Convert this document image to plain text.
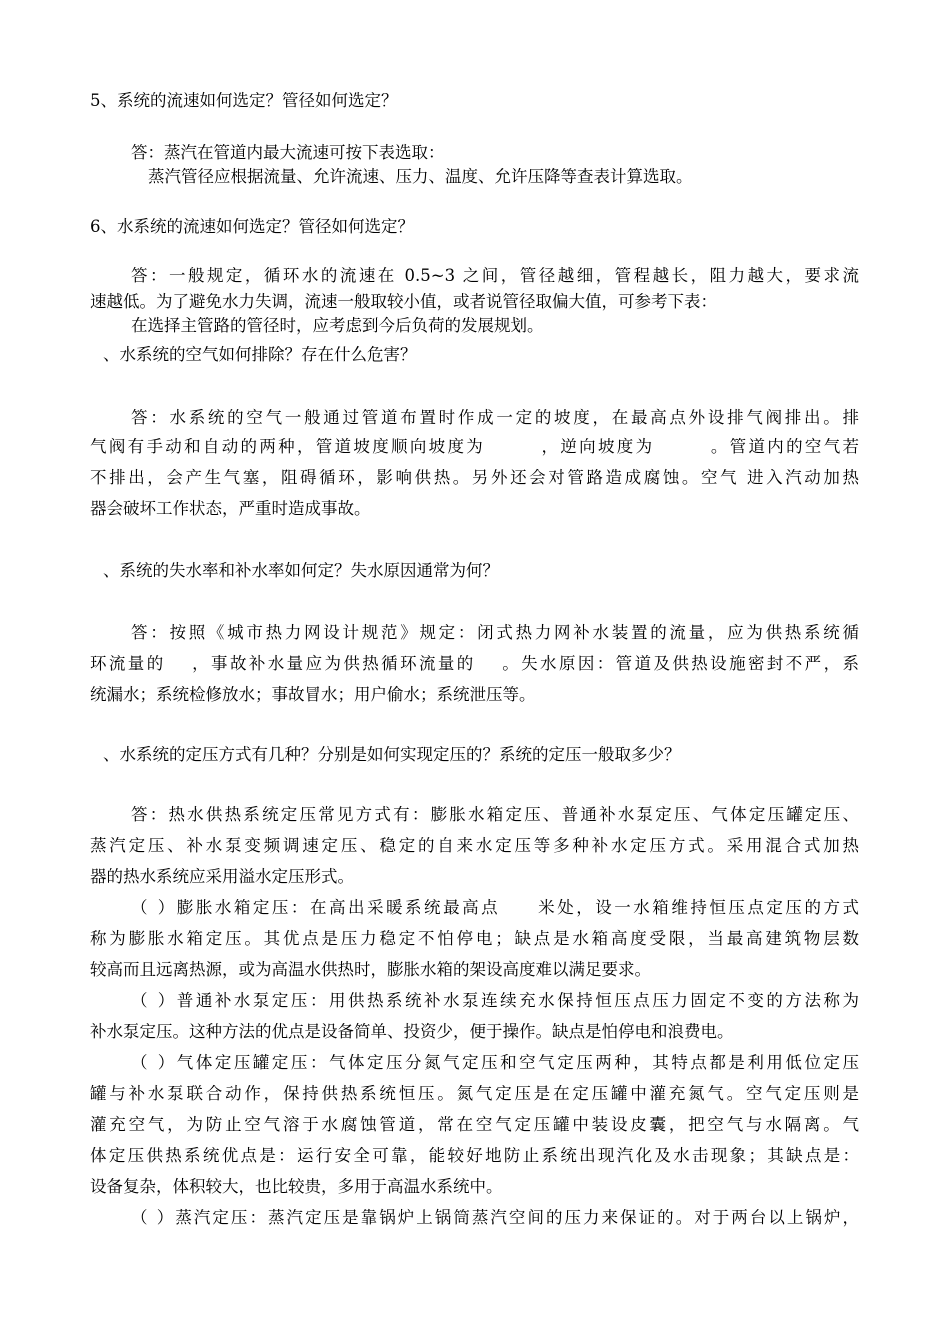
5、系统的流速如何选定？管径如何选定？

答：蒸汽在管道内最大流速可按下表选取：

蒸汽管径应根据流量、允许流速、压力、温度、允许压降等查表计算选取。

6、水系统的流速如何选定？管径如何选定？

答：一般规定，循环水的流速在 0.5~3 之间，管径越细，管程越长，阻力越大，要求流

速越低。为了避免水力失调，流速一般取较小值，或者说管径取偏大值，可参考下表：

在选择主管路的管径时，应考虑到今后负荷的发展规划。

、水系统的空气如何排除？存在什么危害？

答：水系统的空气一般通过管道布置时作成一定的坡度，在最高点外设排气阀排出。排

气阀有手动和自动的两种，管道坡度顺向坡度为　　　，逆向坡度为　　　。管道内的空气若

不排出，会产生气塞，阻碍循环，影响供热。另外还会对管路造成腐蚀。空气 进入汽动加热

器会破坏工作状态，严重时造成事故。

、系统的失水率和补水率如何定？失水原因通常为何？

答：按照《城市热力网设计规范》规定：闭式热力网补水装置的流量，应为供热系统循

环流量的　 ，事故补水量应为供热循环流量的　 。失水原因：管道及供热设施密封不严，系

统漏水；系统检修放水；事故冒水；用户偷水；系统泄压等。

、水系统的定压方式有几种？分别是如何实现定压的？系统的定压一般取多少？

答：热水供热系统定压常见方式有：膨胀水箱定压、普通补水泵定压、气体定压罐定压、

蒸汽定压、补水泵变频调速定压、稳定的自来水定压等多种补水定压方式。采用混合式加热

器的热水系统应采用溢水定压形式。

（ ）膨胀水箱定压：在高出采暖系统最高点　　米处，设一水箱维持恒压点定压的方式

称为膨胀水箱定压。其优点是压力稳定不怕停电；缺点是水箱高度受限，当最高建筑物层数

较高而且远离热源，或为高温水供热时，膨胀水箱的架设高度难以满足要求。

（ ）普通补水泵定压：用供热系统补水泵连续充水保持恒压点压力固定不变的方法称为

补水泵定压。这种方法的优点是设备简单、投资少，便于操作。缺点是怕停电和浪费电。

（ ）气体定压罐定压：气体定压分氮气定压和空气定压两种，其特点都是利用低位定压

罐与补水泵联合动作，保持供热系统恒压。氮气定压是在定压罐中灌充氮气。空气定压则是

灌充空气，为防止空气溶于水腐蚀管道，常在空气定压罐中装设皮囊，把空气与水隔离。气

体定压供热系统优点是：运行安全可靠，能较好地防止系统出现汽化及水击现象；其缺点是：

设备复杂，体积较大，也比较贵，多用于高温水系统中。

（ ）蒸汽定压：蒸汽定压是靠锅炉上锅筒蒸汽空间的压力来保证的。对于两台以上锅炉，
